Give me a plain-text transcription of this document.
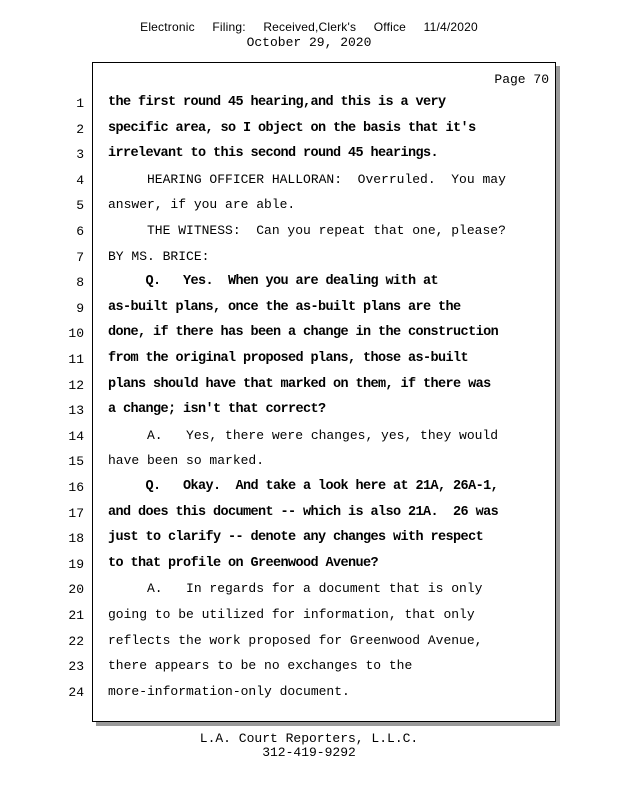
Electronic Filing: Received,Clerk's Office 11/4/2020
October 29, 2020
Page 70
1 the first round 45 hearing,and this is a very
2 specific area, so I object on the basis that it's
3 irrelevant to this second round 45 hearings.
4 HEARING OFFICER HALLORAN:  Overruled.  You may
5 answer, if you are able.
6 THE WITNESS:  Can you repeat that one, please?
7 BY MS. BRICE:
8 Q.   Yes.  When you are dealing with at
9 as-built plans, once the as-built plans are the
10 done, if there has been a change in the construction
11 from the original proposed plans, those as-built
12 plans should have that marked on them, if there was
13 a change; isn't that correct?
14 A.   Yes, there were changes, yes, they would
15 have been so marked.
16 Q.   Okay.  And take a look here at 21A, 26A-1,
17 and does this document -- which is also 21A.  26 was
18 just to clarify -- denote any changes with respect
19 to that profile on Greenwood Avenue?
20 A.   In regards for a document that is only
21 going to be utilized for information, that only
22 reflects the work proposed for Greenwood Avenue,
23 there appears to be no exchanges to the
24 more-information-only document.
L.A. Court Reporters, L.L.C.
312-419-9292
